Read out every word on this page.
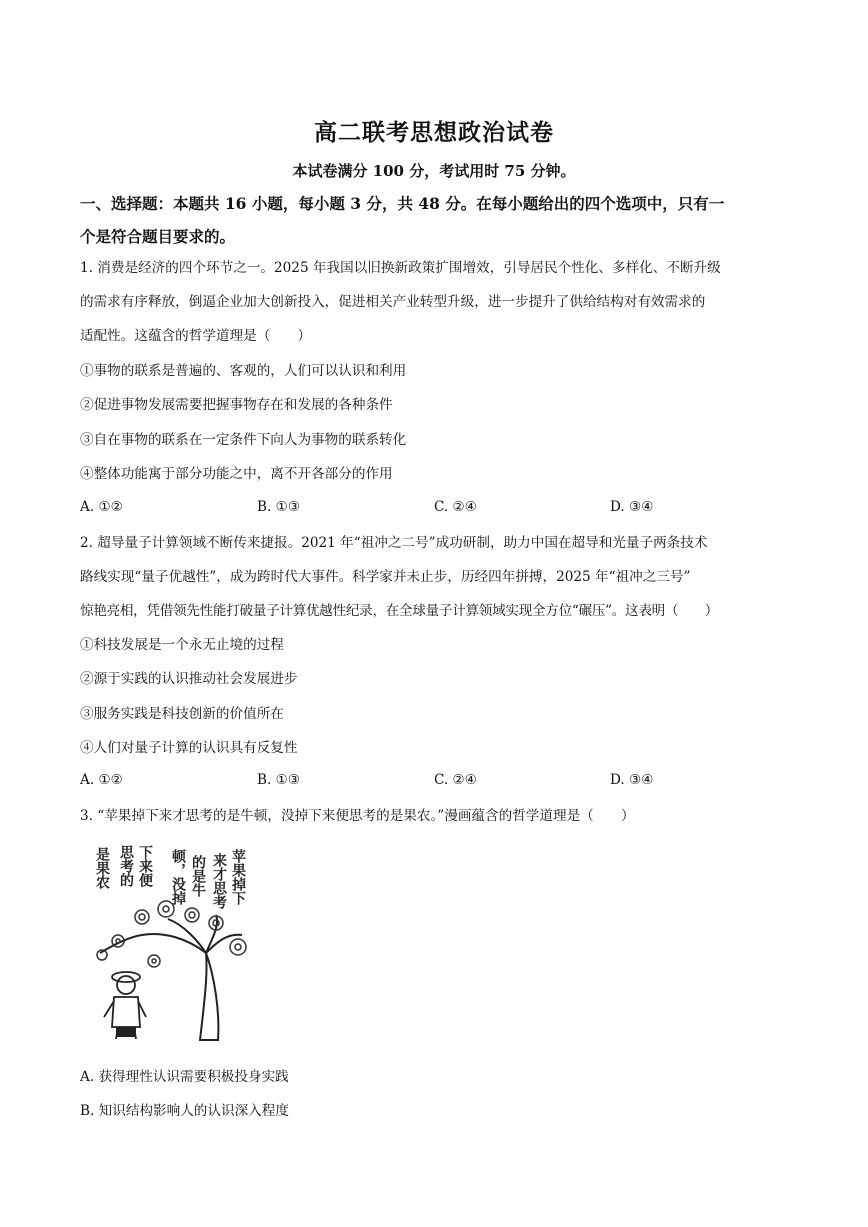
高二联考思想政治试卷
本试卷满分 100 分，考试用时 75 分钟。
一、选择题：本题共 16 小题，每小题 3 分，共 48 分。在每小题给出的四个选项中，只有一
个是符合题目要求的。
1. 消费是经济的四个环节之一。2025 年我国以旧换新政策扩围增效，引导居民个性化、多样化、不断升级
的需求有序释放，倒逼企业加大创新投入，促进相关产业转型升级，进一步提升了供给结构对有效需求的
适配性。这蕴含的哲学道理是（　　）
①事物的联系是普遍的、客观的，人们可以认识和利用
②促进事物发展需要把握事物存在和发展的各种条件
③自在事物的联系在一定条件下向人为事物的联系转化
④整体功能寓于部分功能之中，离不开各部分的作用
A. ①②	B. ①③	C. ②④	D. ③④
2. 超导量子计算领域不断传来捷报。2021 年“祖冲之二号”成功研制，助力中国在超导和光量子两条技术
路线实现“量子优越性”，成为跨时代大事件。科学家并未止步，历经四年拼搏，2025 年“祖冲之三号”
惊艳亮相，凭借领先性能打破量子计算优越性纪录，在全球量子计算领域实现全方位“碾压”。这表明（　　）
①科技发展是一个永无止境的过程
②源于实践的认识推动社会发展进步
③服务实践是科技创新的价值所在
④人们对量子计算的认识具有反复性
A. ①②	B. ①③	C. ②④	D. ③④
3. “苹果掉下来才思考的是牛顿，没掉下来便思考的是果农。”漫画蕴含的哲学道理是（　　）
苹果掉下
来才思考
的是牛
顿，没掉
下来便
思考的
是果农
A. 获得理性认识需要积极投身实践
B. 知识结构影响人的认识深入程度
